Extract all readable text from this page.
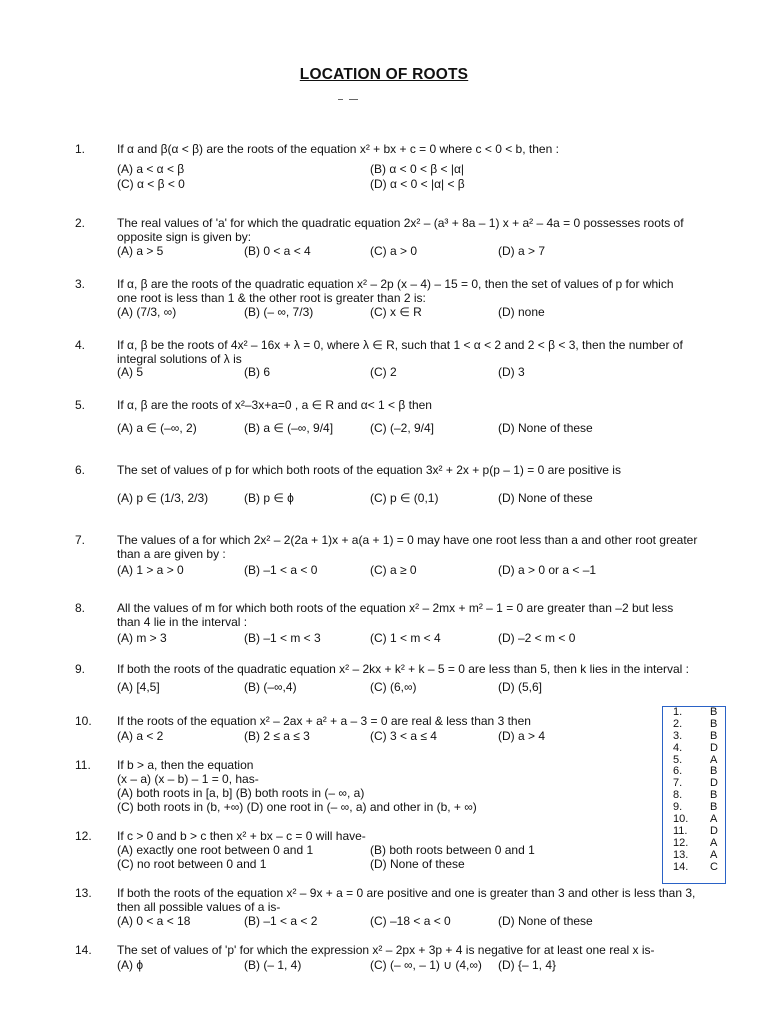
LOCATION OF ROOTS
1.	If α and β(α < β) are the roots of the equation x² + bx + c = 0 where c < 0 < b, then :
(A) a < α < β	(B) α < 0 < β < |α|
(C) α < β < 0	(D) α < 0 < |α| < β
2.	The real values of 'a' for which the quadratic equation 2x² – (a³ + 8a – 1) x + a² – 4a = 0 possesses roots of
opposite sign is given by:
(A) a > 5	(B) 0 < a < 4	(C) a > 0	(D) a > 7
3.	If α, β are the roots of the quadratic equation x² – 2p (x – 4) – 15 = 0, then the set of values of p for which
one root is less than 1 & the other root is greater than 2 is:
(A) (7/3, ∞)	(B) (– ∞, 7/3)	(C) x ∈ R	(D) none
4.	If α, β be the roots of 4x² – 16x + λ = 0, where λ ∈ R, such that 1 < α < 2 and 2 < β < 3, then the number of
integral solutions of λ is
(A) 5	(B) 6	(C) 2	(D) 3
5.	If α, β are the roots of x²–3x+a=0 , a ∈ R and α< 1 < β then
(A) a ∈ (–∞, 2)	(B) a ∈ (–∞, 9/4]	(C) (–2, 9/4]	(D) None of these
6.	The set of values of p for which both roots of the equation 3x² + 2x + p(p – 1) = 0 are positive is
(A) p ∈ (1/3, 2/3)	(B) p ∈ ϕ	(C) p ∈ (0,1)	(D) None of these
7.	The values of a for which 2x² – 2(2a + 1)x + a(a + 1) = 0 may have one root less than a and other root greater
than a are given by :
(A) 1 > a > 0	(B) –1 < a < 0	(C) a ≥ 0	(D) a > 0 or a < –1
8.	All the values of m for which both roots of the equation x² – 2mx + m² – 1 = 0 are greater than –2 but less
than 4 lie in the interval :
(A) m > 3	(B) –1 < m < 3	(C) 1 < m < 4	(D) –2 < m < 0
9.	If both the roots of the quadratic equation x² – 2kx + k² + k – 5 = 0 are less than 5, then k lies in the interval :
(A) [4,5]	(B) (–∞,4)	(C) (6,∞)	(D) (5,6]
10. If the roots of the equation x² – 2ax + a² + a – 3 = 0 are real & less than 3 then
(A) a < 2	(B) 2 ≤ a ≤ 3	(C) 3 < a ≤ 4	(D) a > 4
11. If b > a, then the equation
(x – a) (x – b) – 1 = 0, has-
(A) both roots in [a, b] (B) both roots in (– ∞, a)
(C) both roots in (b, +∞) (D) one root in (– ∞, a) and other in (b, + ∞)
12. If c > 0 and b > c then x² + bx – c = 0 will have-
(A) exactly one root between 0 and 1	(B) both roots between 0 and 1
(C) no root between 0 and 1	(D) None of these
13. If both the roots of the equation x² – 9x + a = 0 are positive and one is greater than 3 and other is less than 3,
then all possible values of a is-
(A) 0 < a < 18	(B) –1 < a < 2	(C) –18 < a < 0	(D) None of these
14. The set of values of 'p' for which the expression x² – 2px + 3p + 4 is negative for at least one real x is-
(A) ϕ	(B) (– 1, 4)	(C) (– ∞, – 1) ∪ (4,∞) (D) {– 1, 4}
1.	B
2.	B
3.	B
4.	D
5.	A
6.	B
7.	D
8.	B
9.	B
10. A
11. D
12. A
13. A
14. C
